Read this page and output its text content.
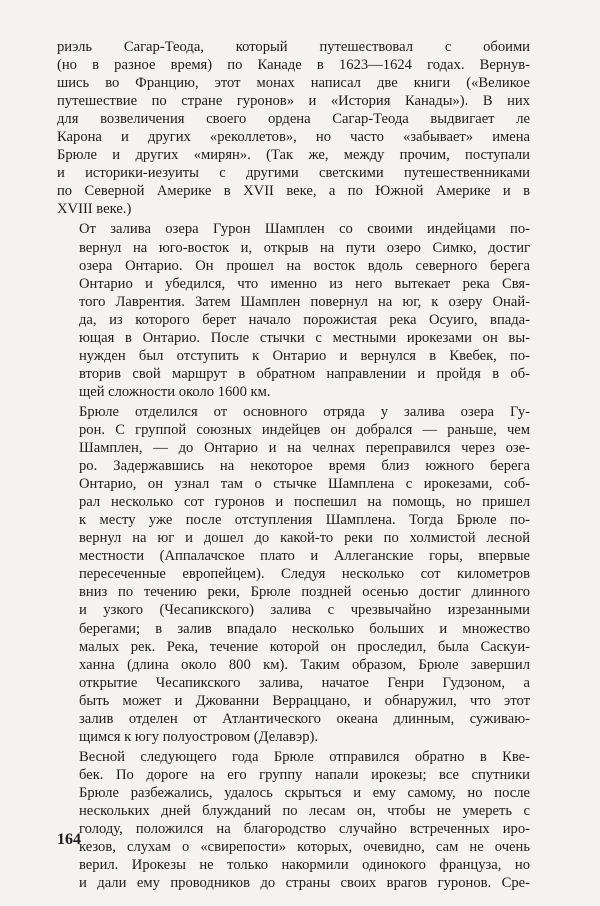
риэль Сагар-Теода, который путешествовал с обоими
(но в разное время) по Канаде в 1623—1624 годах. Вернув-
шись во Францию, этот монах написал две книги («Великое
путешествие по стране гуронов» и «История Канады»). В них
для возвеличения своего ордена Сагар-Теода выдвигает ле
Карона и других «реколлетов», но часто «забывает» имена
Брюле и других «мирян». (Так же, между прочим, поступали
и историки-иезуиты с другими светскими путешественниками
по Северной Америке в XVII веке, а по Южной Америке и в
XVIII веке.)

От залива озера Гурон Шамплен со своими индейцами по-
вернул на юго-восток и, открыв на пути озеро Симко, достиг
озера Онтарио. Он прошел на восток вдоль северного берега
Онтарио и убедился, что именно из него вытекает река Свя-
того Лаврентия. Затем Шамплен повернул на юг, к озеру Онай-
да, из которого берет начало порожистая река Осуиго, впада-
ющая в Онтарио. После стычки с местными ирокезами он вы-
нужден был отступить к Онтарио и вернулся в Квебек, по-
вторив свой маршрут в обратном направлении и пройдя в об-
щей сложности около 1600 км.

Брюле отделился от основного отряда у залива озера Гу-
рон. С группой союзных индейцев он добрался — раньше, чем
Шамплен, — до Онтарио и на челнах переправился через озе-
ро. Задержавшись на некоторое время близ южного берега
Онтарио, он узнал там о стычке Шамплена с ирокезами, соб-
рал несколько сот гуронов и поспешил на помощь, но пришел
к месту уже после отступления Шамплена. Тогда Брюле по-
вернул на юг и дошел до какой-то реки по холмистой лесной
местности (Аппалачское плато и Аллеганские горы, впервые
пересеченные европейцем). Следуя несколько сот километров
вниз по течению реки, Брюле поздней осенью достиг длинного
и узкого (Чесапикского) залива с чрезвычайно изрезанными
берегами; в залив впадало несколько больших и множество
малых рек. Река, течение которой он проследил, была Саскуи-
ханна (длина около 800 км). Таким образом, Брюле завершил
открытие Чесапикского залива, начатое Генри Гудзоном, а
быть может и Джованни Верраццано, и обнаружил, что этот
залив отделен от Атлантического океана длинным, суживаю-
щимся к югу полуостровом (Делавэр).

Весной следующего года Брюле отправился обратно в Кве-
бек. По дороге на его группу напали ирокезы; все спутники
Брюле разбежались, удалось скрыться и ему самому, но после
нескольких дней блужданий по лесам он, чтобы не умереть с
голоду, положился на благородство случайно встреченных иро-
кезов, слухам о «свирепости» которых, очевидно, сам не очень
верил. Ирокезы не только накормили одинокого француза, но
и дали ему проводников до страны своих врагов гуронов. Сре-

164
